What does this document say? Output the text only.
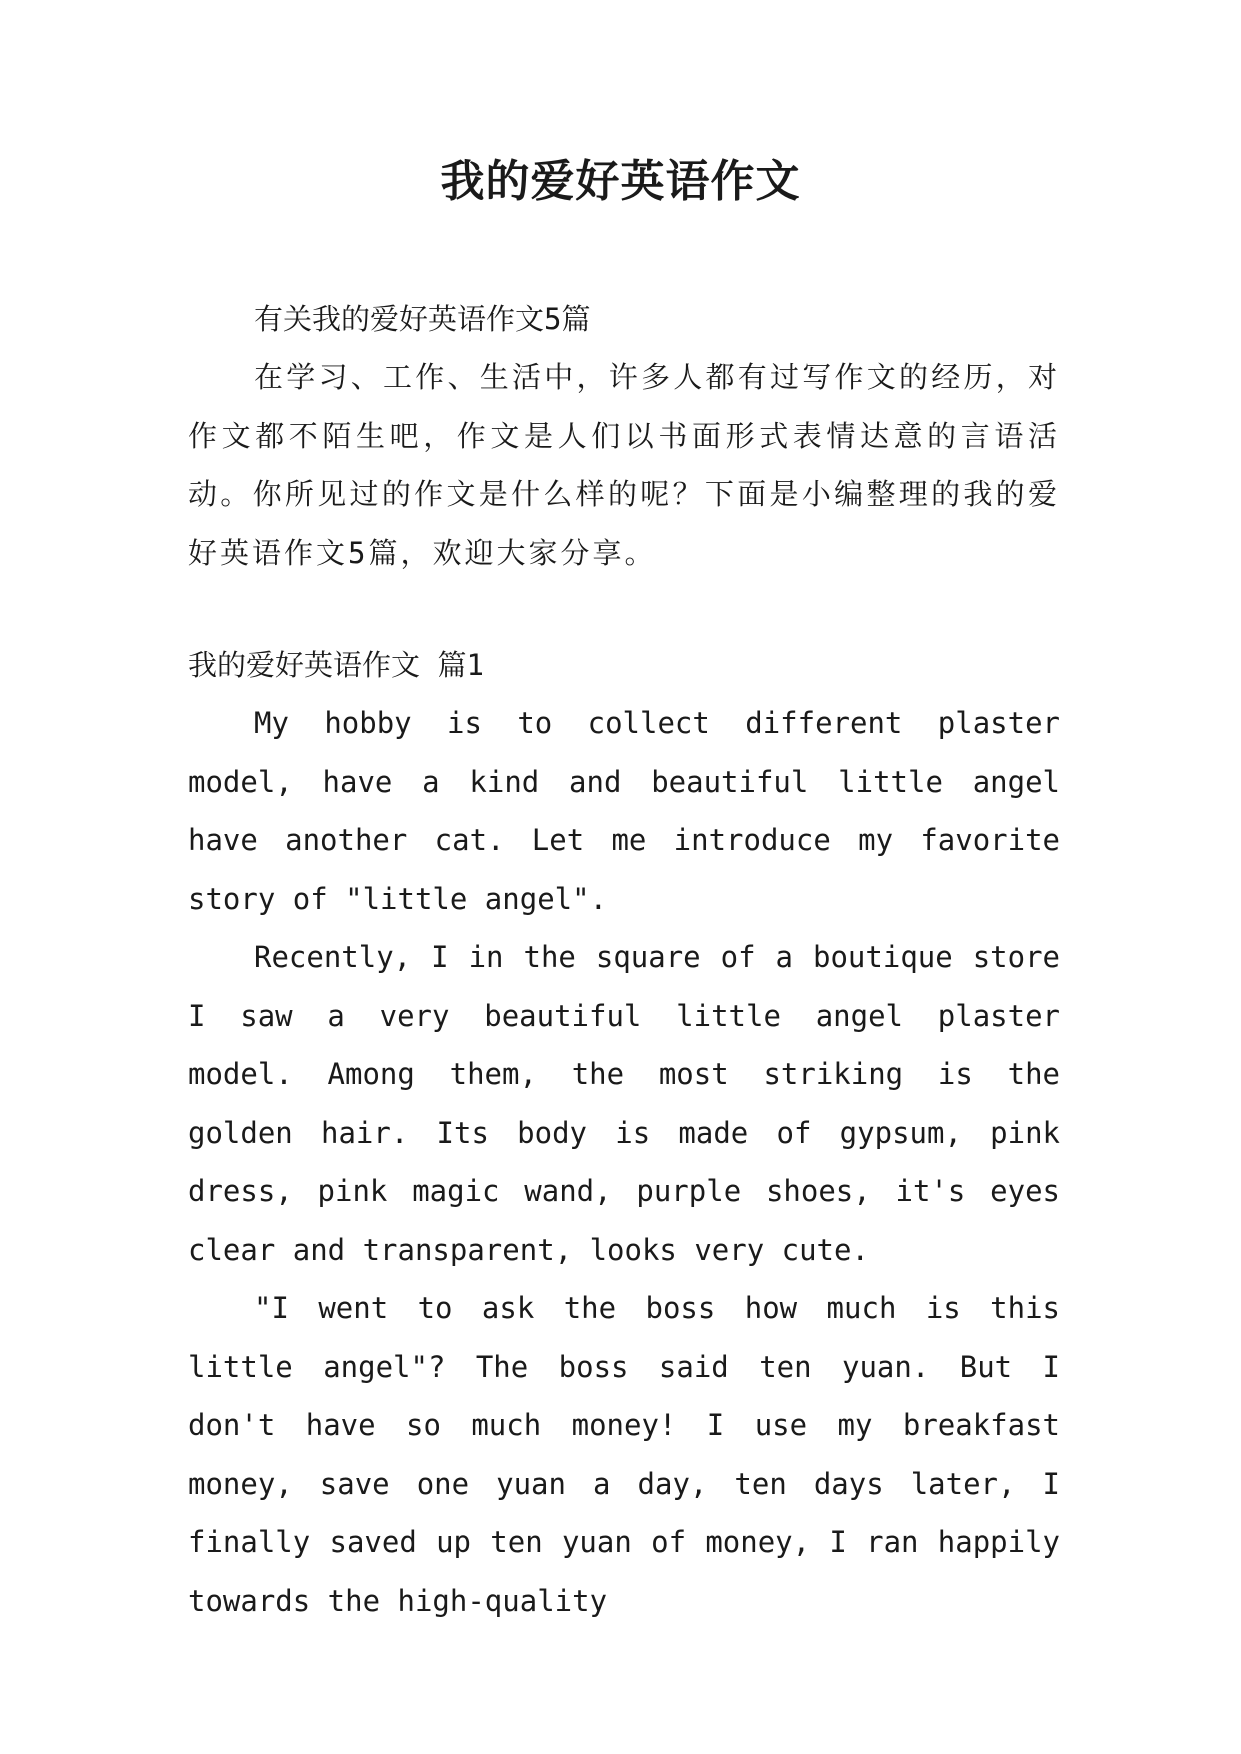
我的爱好英语作文

有关我的爱好英语作文5篇

在学习、工作、生活中，许多人都有过写作文的经历，对作文都不陌生吧，作文是人们以书面形式表情达意的言语活动。你所见过的作文是什么样的呢？下面是小编整理的我的爱好英语作文5篇，欢迎大家分享。

我的爱好英语作文 篇1

My hobby is to collect different plaster model, have a kind and beautiful little angel have another cat. Let me introduce my favorite story of "little angel".

Recently, I in the square of a boutique store I saw a very beautiful little angel plaster model. Among them, the most striking is the golden hair. Its body is made of gypsum, pink dress, pink magic wand, purple shoes, it's eyes clear and transparent, looks very cute.

"I went to ask the boss how much is this little angel"? The boss said ten yuan. But I don't have so much money! I use my breakfast money, save one yuan a day, ten days later, I finally saved up ten yuan of money, I ran happily towards the high-quality
